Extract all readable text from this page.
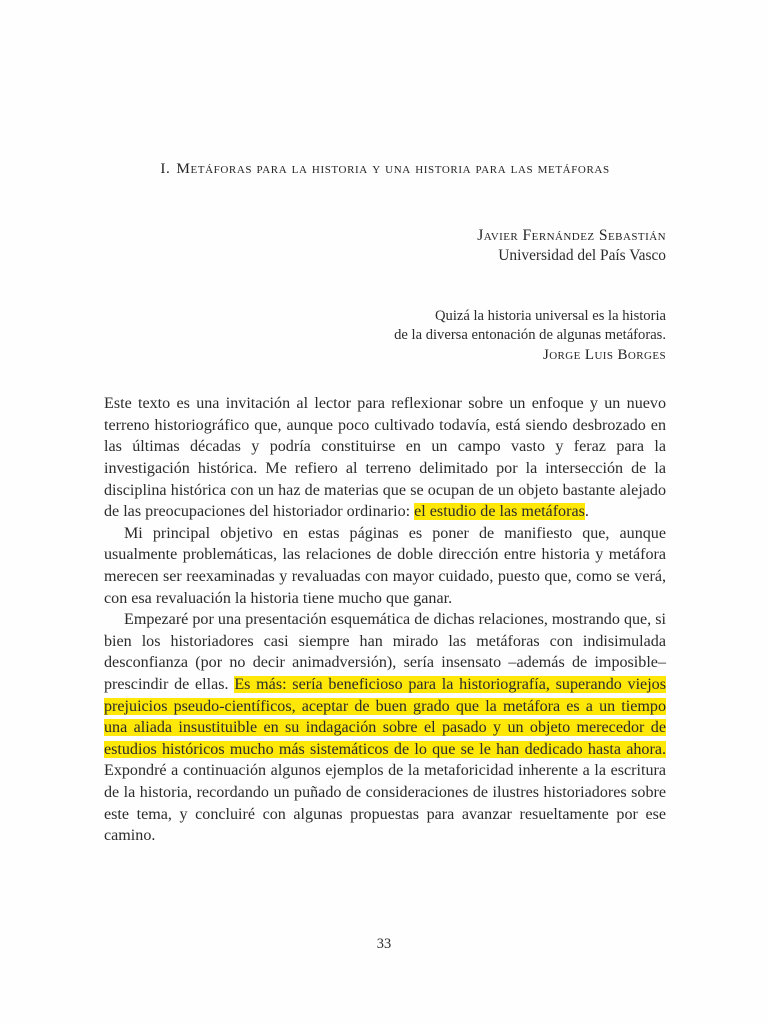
I. Metáforas para la historia y una historia para las metáforas
Javier Fernández Sebastián
Universidad del País Vasco
Quizá la historia universal es la historia
de la diversa entonación de algunas metáforas.
Jorge Luis Borges

Este texto es una invitación al lector para reflexionar sobre un enfoque y un nuevo terreno historiográfico que, aunque poco cultivado todavía, está siendo desbrozado en las últimas décadas y podría constituirse en un campo vasto y feraz para la investigación histórica. Me refiero al terreno delimitado por la intersección de la disciplina histórica con un haz de materias que se ocupan de un objeto bastante alejado de las preocupaciones del historiador ordinario: el estudio de las metáforas.

Mi principal objetivo en estas páginas es poner de manifiesto que, aunque usualmente problemáticas, las relaciones de doble dirección entre historia y metáfora merecen ser reexaminadas y revaluadas con mayor cuidado, puesto que, como se verá, con esa revaluación la historia tiene mucho que ganar.

Empezaré por una presentación esquemática de dichas relaciones, mostrando que, si bien los historiadores casi siempre han mirado las metáforas con indisimulada desconfianza (por no decir animadversión), sería insensato –además de imposible– prescindir de ellas. Es más: sería beneficioso para la historiografía, superando viejos prejuicios pseudo-científicos, aceptar de buen grado que la metáfora es a un tiempo una aliada insustituible en su indagación sobre el pasado y un objeto merecedor de estudios históricos mucho más sistemáticos de lo que se le han dedicado hasta ahora. Expondré a continuación algunos ejemplos de la metaforicidad inherente a la escritura de la historia, recordando un puñado de consideraciones de ilustres historiadores sobre este tema, y concluiré con algunas propuestas para avanzar resueltamente por ese camino.

33
